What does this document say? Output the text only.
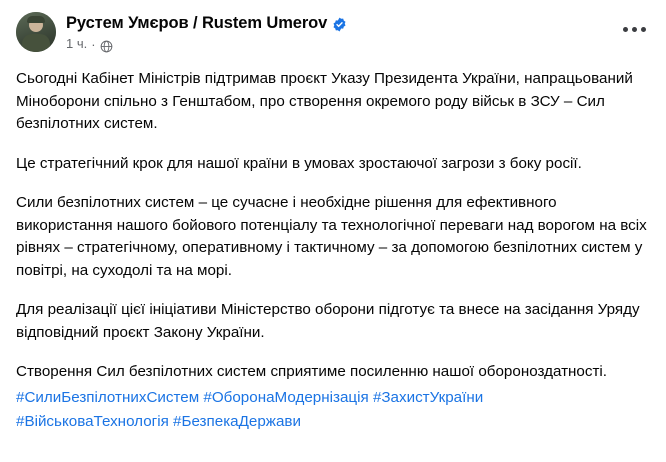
Рустем Умєров / Rustem Umerov
1 ч. ·

Сьогодні Кабінет Міністрів підтримав проєкт Указу Президента України, напрацьований Міноборони спільно з Генштабом, про створення окремого роду військ в ЗСУ – Сил безпілотних систем.

Це стратегічний крок для нашої країни в умовах зростаючої загрози з боку росії.

Сили безпілотних систем – це сучасне і необхідне рішення для ефективного використання нашого бойового потенціалу та технологічної переваги над ворогом на всіх рівнях – стратегічному, оперативному і тактичному – за допомогою безпілотних систем у повітрі, на суходолі та на морі.

Для реалізації цієї ініціативи Міністерство оборони підготує та внесе на засідання Уряду відповідний проєкт Закону України.

Створення Сил безпілотних систем сприятиме посиленню нашої обороноздатності.

#СилиБезпілотнихСистем #ОборонаМодернізація #ЗахистУкраїни
#ВійськоваТехнологія #БезпекаДержави
